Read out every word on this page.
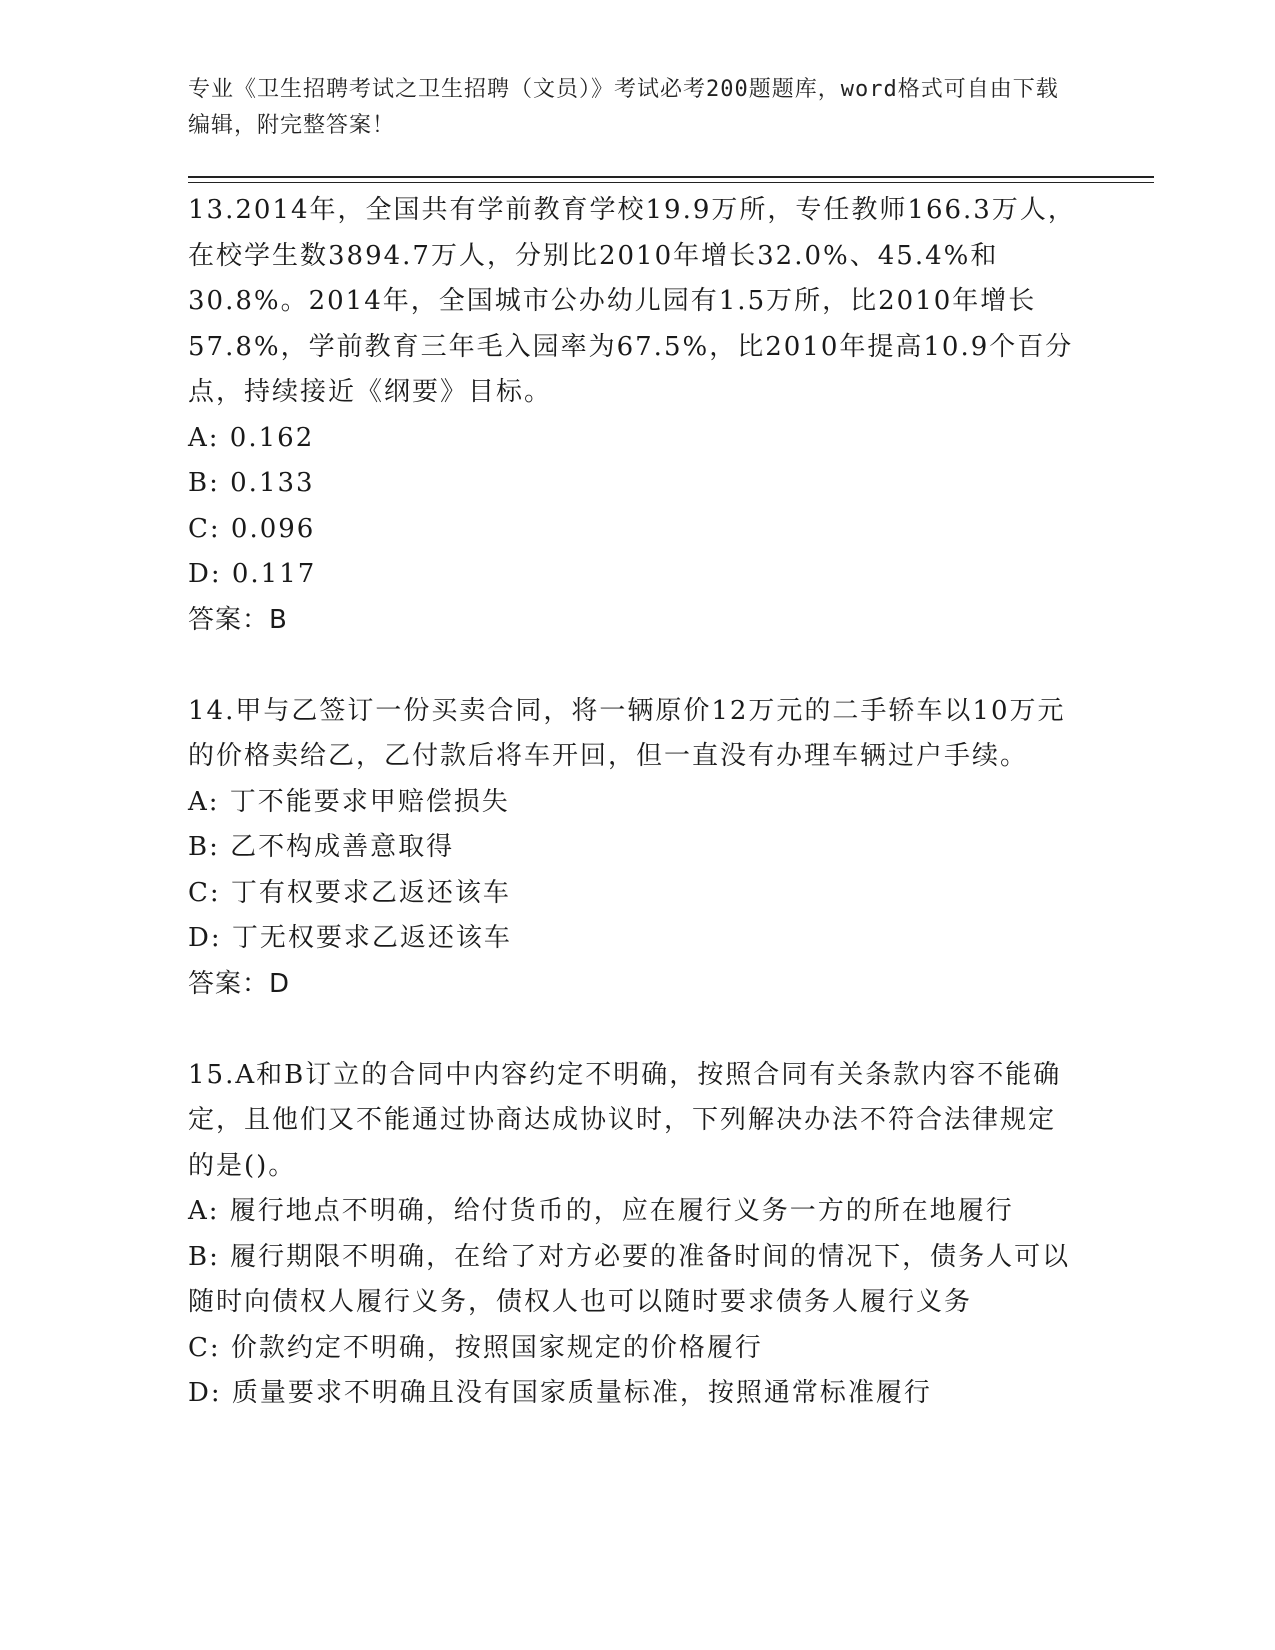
专业《卫生招聘考试之卫生招聘（文员）》考试必考200题题库，word格式可自由下载编辑，附完整答案！

13.2014年，全国共有学前教育学校19.9万所，专任教师166.3万人，在校学生数3894.7万人，分别比2010年增长32.0%、45.4%和30.8%。2014年，全国城市公办幼儿园有1.5万所，比2010年增长57.8%，学前教育三年毛入园率为67.5%，比2010年提高10.9个百分点，持续接近《纲要》目标。

A: 0.162

B: 0.133

C: 0.096

D: 0.117

答案：B

14.甲与乙签订一份买卖合同，将一辆原价12万元的二手轿车以10万元的价格卖给乙，乙付款后将车开回，但一直没有办理车辆过户手续。

A: 丁不能要求甲赔偿损失

B: 乙不构成善意取得

C: 丁有权要求乙返还该车

D: 丁无权要求乙返还该车

答案：D

15.A和B订立的合同中内容约定不明确，按照合同有关条款内容不能确定，且他们又不能通过协商达成协议时，下列解决办法不符合法律规定的是()。

A: 履行地点不明确，给付货币的，应在履行义务一方的所在地履行

B: 履行期限不明确，在给了对方必要的准备时间的情况下，债务人可以随时向债权人履行义务，债权人也可以随时要求债务人履行义务

C: 价款约定不明确，按照国家规定的价格履行

D: 质量要求不明确且没有国家质量标准，按照通常标准履行
